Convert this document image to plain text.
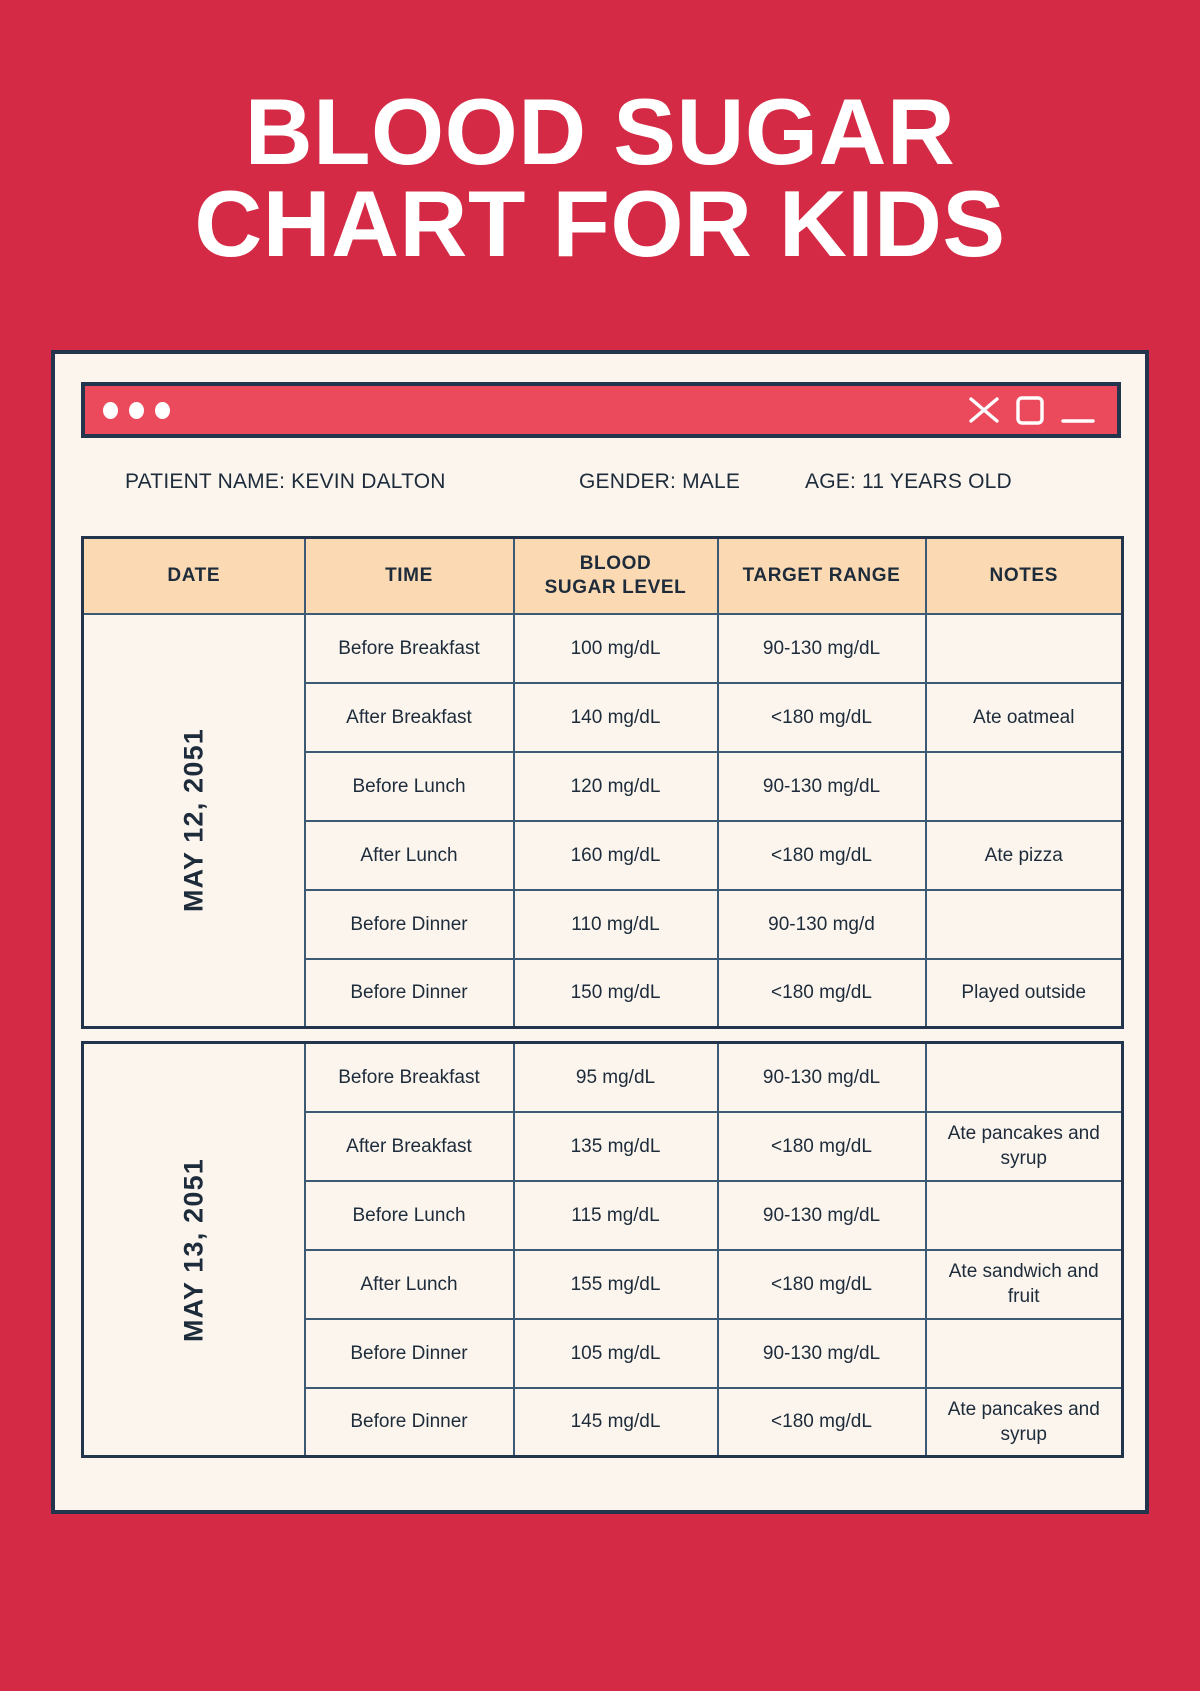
BLOOD SUGAR
CHART FOR KIDS
PATIENT NAME: KEVIN DALTON	GENDER: MALE	AGE: 11 YEARS OLD
DATE	TIME	BLOOD
SUGAR LEVEL	TARGET RANGE	NOTES

MAY 12, 2051	Before Breakfast	100 mg/dL	90-130 mg/dL	
	After Breakfast	140 mg/dL	<180 mg/dL	Ate oatmeal
	Before Lunch	120 mg/dL	90-130 mg/dL	
	After Lunch	160 mg/dL	<180 mg/dL	Ate pizza
	Before Dinner	110 mg/dL	90-130 mg/d	
	Before Dinner	150 mg/dL	<180 mg/dL	Played outside
MAY 13, 2051	Before Breakfast	95 mg/dL	90-130 mg/dL	
	After Breakfast	135 mg/dL	<180 mg/dL	Ate pancakes and syrup
	Before Lunch	115 mg/dL	90-130 mg/dL	
	After Lunch	155 mg/dL	<180 mg/dL	Ate sandwich and fruit
	Before Dinner	105 mg/dL	90-130 mg/dL	
	Before Dinner	145 mg/dL	<180 mg/dL	Ate pancakes and syrup
